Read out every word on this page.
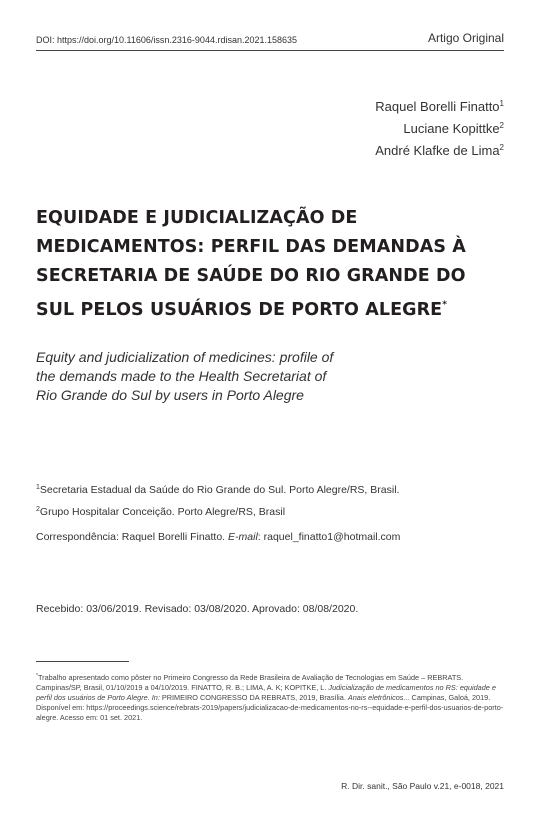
DOI: https://doi.org/10.11606/issn.2316-9044.rdisan.2021.158635	Artigo Original
Raquel Borelli Finatto$^1$
Luciane Kopittke$^2$
André Klafke de Lima$^2$
EQUIDADE E JUDICIALIZAÇÃO DE
MEDICAMENTOS: PERFIL DAS DEMANDAS À
SECRETARIA DE SAÚDE DO RIO GRANDE DO
SUL PELOS USUÁRIOS DE PORTO ALEGRE*
Equity and judicialization of medicines: profile of
the demands made to the Health Secretariat of
Rio Grande do Sul by users in Porto Alegre
$^1$Secretaria Estadual da Saúde do Rio Grande do Sul. Porto Alegre/RS, Brasil.
$^2$Grupo Hospitalar Conceição. Porto Alegre/RS, Brasil
Correspondência: Raquel Borelli Finatto. E-mail: raquel_finatto1@hotmail.com
Recebido: 03/06/2019. Revisado: 03/08/2020. Aprovado: 08/08/2020.
*Trabalho apresentado como pôster no Primeiro Congresso da Rede Brasileira de Avaliação de Tecnologias em Saúde – REBRATS. Campinas/SP, Brasil, 01/10/2019 a 04/10/2019. FINATTO, R. B.; LIMA, A. K; KOPITKE, L. Judicialização de medicamentos no RS: equidade e perfil dos usuários de Porto Alegre. In: PRIMEIRO CONGRESSO DA REBRATS, 2019, Brasília. Anais eletrônicos... Campinas, Galoá, 2019. Disponível em: https://proceedings.science/rebrats-2019/papers/judicializacao-de-medicamentos-no-rs--equidade-e-perfil-dos-usuarios-de-porto-alegre. Acesso em: 01 set. 2021.
R. Dir. sanit., São Paulo v.21, e-0018, 2021
